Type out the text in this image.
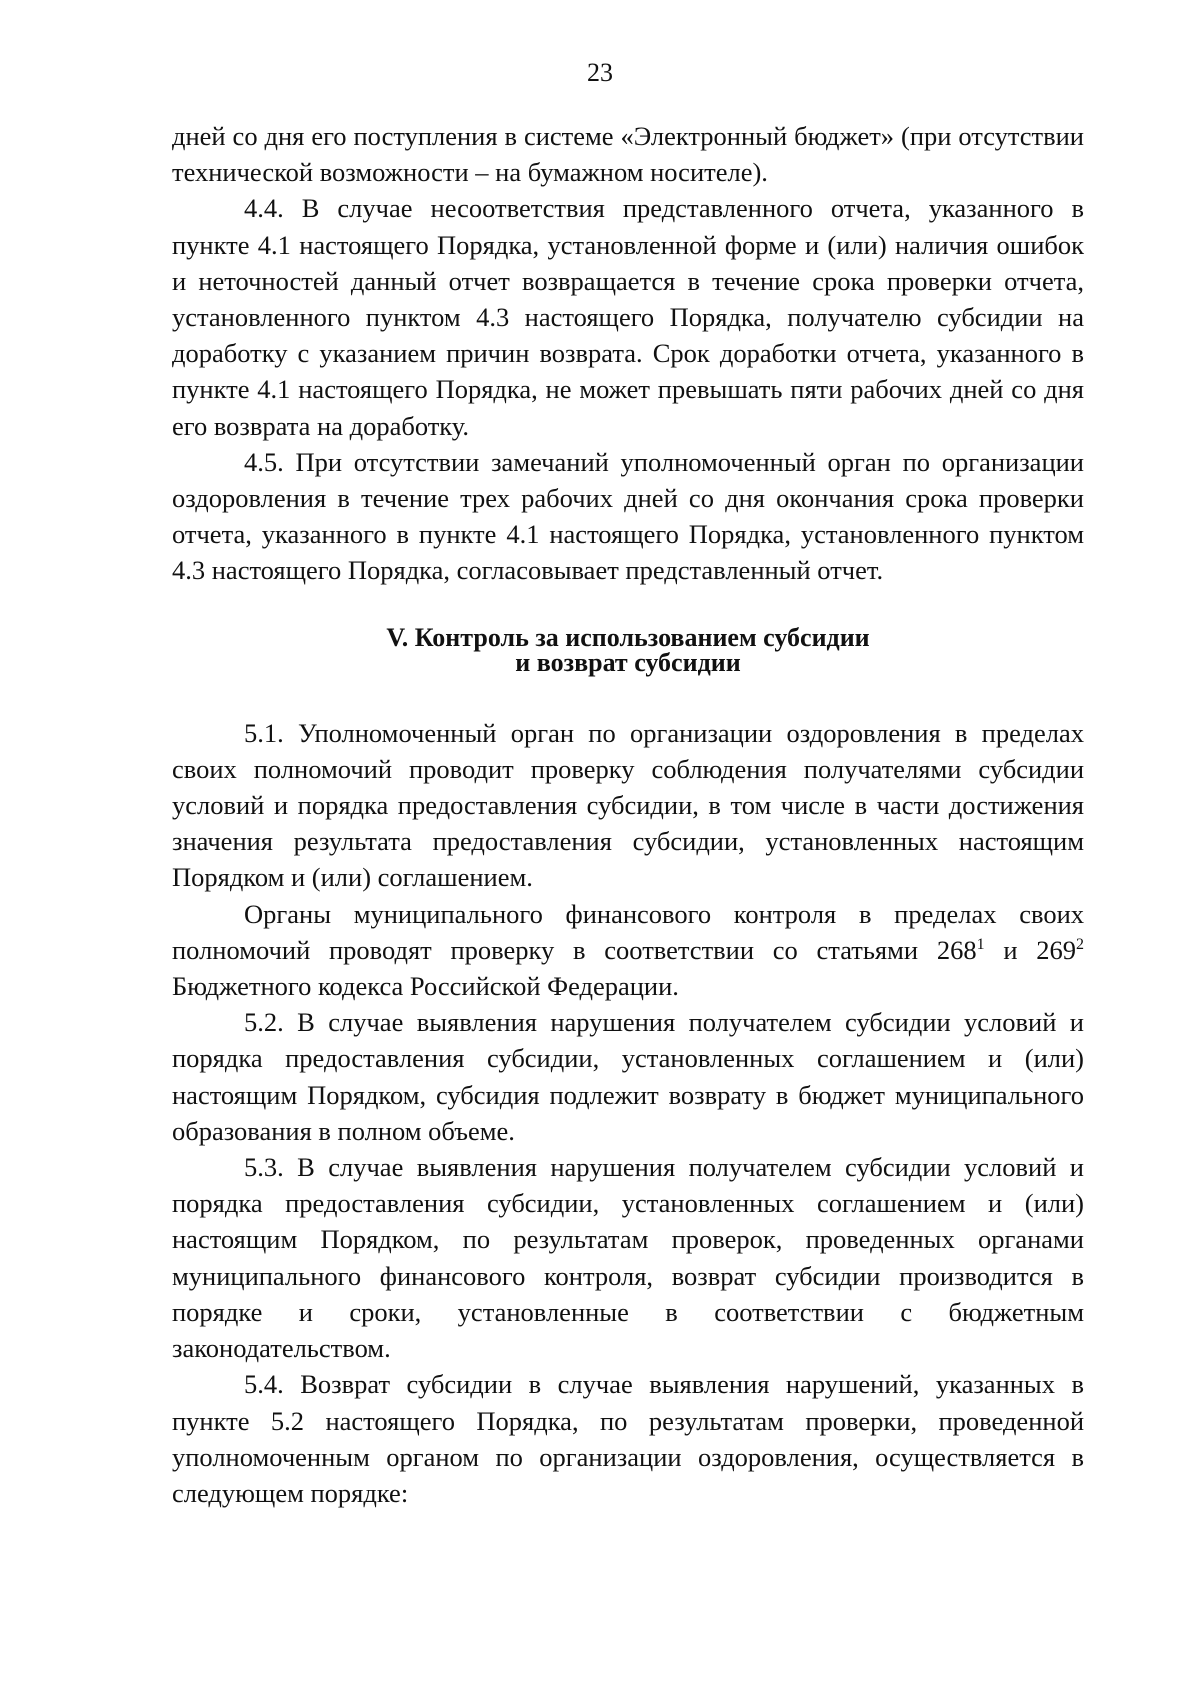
23

дней со дня его поступления в системе «Электронный бюджет» (при отсутствии технической возможности – на бумажном носителе).

4.4. В случае несоответствия представленного отчета, указанного в пункте 4.1 настоящего Порядка, установленной форме и (или) наличия ошибок и неточностей данный отчет возвращается в течение срока проверки отчета, установленного пунктом 4.3 настоящего Порядка, получателю субсидии на доработку с указанием причин возврата. Срок доработки отчета, указанного в пункте 4.1 настоящего Порядка, не может превышать пяти рабочих дней со дня его возврата на доработку.

4.5. При отсутствии замечаний уполномоченный орган по организации оздоровления в течение трех рабочих дней со дня окончания срока проверки отчета, указанного в пункте 4.1 настоящего Порядка, установленного пунктом 4.3 настоящего Порядка, согласовывает представленный отчет.

V. Контроль за использованием субсидии
и возврат субсидии

5.1. Уполномоченный орган по организации оздоровления в пределах своих полномочий проводит проверку соблюдения получателями субсидии условий и порядка предоставления субсидии, в том числе в части достижения значения результата предоставления субсидии, установленных настоящим Порядком и (или) соглашением.

Органы муниципального финансового контроля в пределах своих полномочий проводят проверку в соответствии со статьями $268^1$ и $269^2$ Бюджетного кодекса Российской Федерации.

5.2. В случае выявления нарушения получателем субсидии условий и порядка предоставления субсидии, установленных соглашением и (или) настоящим Порядком, субсидия подлежит возврату в бюджет муниципального образования в полном объеме.

5.3. В случае выявления нарушения получателем субсидии условий и порядка предоставления субсидии, установленных соглашением и (или) настоящим Порядком, по результатам проверок, проведенных органами муниципального финансового контроля, возврат субсидии производится в порядке и сроки, установленные в соответствии с бюджетным законодательством.

5.4. Возврат субсидии в случае выявления нарушений, указанных в пункте 5.2 настоящего Порядка, по результатам проверки, проведенной уполномоченным органом по организации оздоровления, осуществляется в следующем порядке:
